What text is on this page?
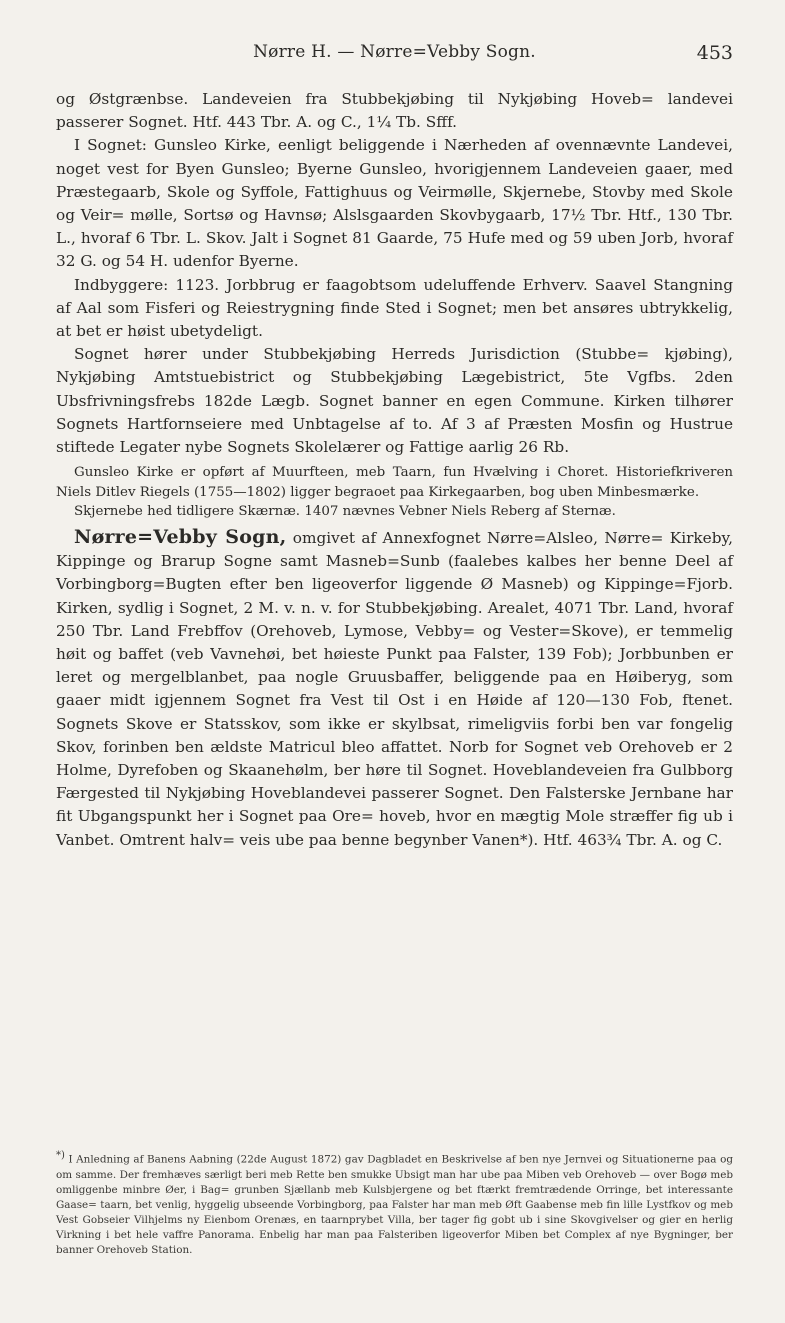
Nørre H. — Nørre=Vebby Sogn.	453

og Østgrænbse. Landeveien fra Stubbekjøbing til Nykjøbing Hoveb= landevei passerer Sognet. Htf. 443 Tbr. A. og C., 1¼ Tb. Sfff.

I Sognet: Gunsleo Kirke, eenligt beliggende i Nærheden af ovennævnte Landevei, noget vest for Byen Gunsleo; Byerne Gunsleo, hvorigjennem Landeveien gaaer, med Præstegaarb, Skole og Syffole, Fattighuus og Veirmølle, Skjernebe, Stovby med Skole og Veir= mølle, Sortsø og Havnsø; Alslsgaarden Skovbygaarb, 17½ Tbr. Htf., 130 Tbr. L., hvoraf 6 Tbr. L. Skov. Jalt i Sognet 81 Gaarde, 75 Hufe med og 59 uben Jorb, hvoraf 32 G. og 54 H. udenfor Byerne.

Indbyggere: 1123. Jorbbrug er faagobtsom udeluffende Erhverv. Saavel Stangning af Aal som Fisferi og Reiestrygning finde Sted i Sognet; men bet ansøres ubtrykkelig, at bet er høist ubetydeligt.

Sognet hører under Stubbekjøbing Herreds Jurisdiction (Stubbe= kjøbing), Nykjøbing Amtstuebistrict og Stubbekjøbing Lægebistrict, 5te Vgfbs. 2den Ubsfrivningsfrebs 182de Lægb. Sognet banner en egen Commune. Kirken tilhører Sognets Hartfornseiere med Unbtagelse af to. Af 3 af Præsten Mosfin og Hustrue stiftede Legater nybe Sognets Skolelærer og Fattige aarlig 26 Rb.

Gunsleo Kirke er opført af Muurfteen, meb Taarn, fun Hvælving i Choret. Historiefkriveren Niels Ditlev Riegels (1755—1802) ligger begraoet paa Kirkegaarben, bog uben Minbesmærke.

Skjernebe hed tidligere Skærnæ. 1407 nævnes Vebner Niels Reberg af Sternæ.

Nørre=Vebby Sogn, omgivet af Annexfognet Nørre=Alsleo, Nørre= Kirkeby, Kippinge og Brarup Sogne samt Masneb=Sunb (faalebes kalbes her benne Deel af Vorbingborg=Bugten efter ben ligeoverfor liggende Ø Masneb) og Kippinge=Fjorb. Kirken, sydlig i Sognet, 2 M. v. n. v. for Stubbekjøbing. Arealet, 4071 Tbr. Land, hvoraf 250 Tbr. Land Frebffov (Orehoveb, Lymose, Vebby= og Vester=Skove), er temmelig høit og baffet (veb Vavnehøi, bet høieste Punkt paa Falster, 139 Fob); Jorbbunben er leret og mergelblanbet, paa nogle Gruusbaffer, beliggende paa en Høiberyg, som gaaer midt igjennem Sognet fra Vest til Ost i en Høide af 120—130 Fob, ftenet. Sognets Skove er Statsskov, som ikke er skylbsat, rimeligviis forbi ben var fongelig Skov, forinben ben ældste Matricul bleo affattet. Norb for Sognet veb Orehoveb er 2 Holme, Dyrefoben og Skaanehølm, ber høre til Sognet. Hoveblandeveien fra Gulbborg Færgested til Nykjøbing Hoveblandevei passerer Sognet. Den Falsterske Jernbane har fit Ubgangspunkt her i Sognet paa Ore= hoveb, hvor en mægtig Mole stræffer fig ub i Vanbet. Omtrent halv= veis ube paa benne begynber Vanen*). Htf. 463¾ Tbr. A. og C.

*) I Anledning af Banens Aabning (22de August 1872) gav Dagbladet en Beskrivelse af ben nye Jernvei og Situationerne paa og om samme. Der fremhæves særligt beri meb Rette ben smukke Ubsigt man har ube paa Miben veb Orehoveb — over Bogø meb omliggenbe minbre Øer, i Bag= grunben Sjællanb meb Kulsbjergene og bet ftærkt fremtrædende Orringe, bet interessante Gaase= taarn, bet venlig, hyggelig ubseende Vorbingborg, paa Falster har man meb Øft Gaabense meb fin lille Lystfkov og meb Vest Gobseier Vilhjelms ny Eienbom Orenæs, en taarnprybet Villa, ber tager fig gobt ub i sine Skovgivelser og gier en herlig Virkning i bet hele vaffre Panorama. Enbelig har man paa Falsteriben ligeoverfor Miben bet Complex af nye Bygninger, ber banner Orehoveb Station.
